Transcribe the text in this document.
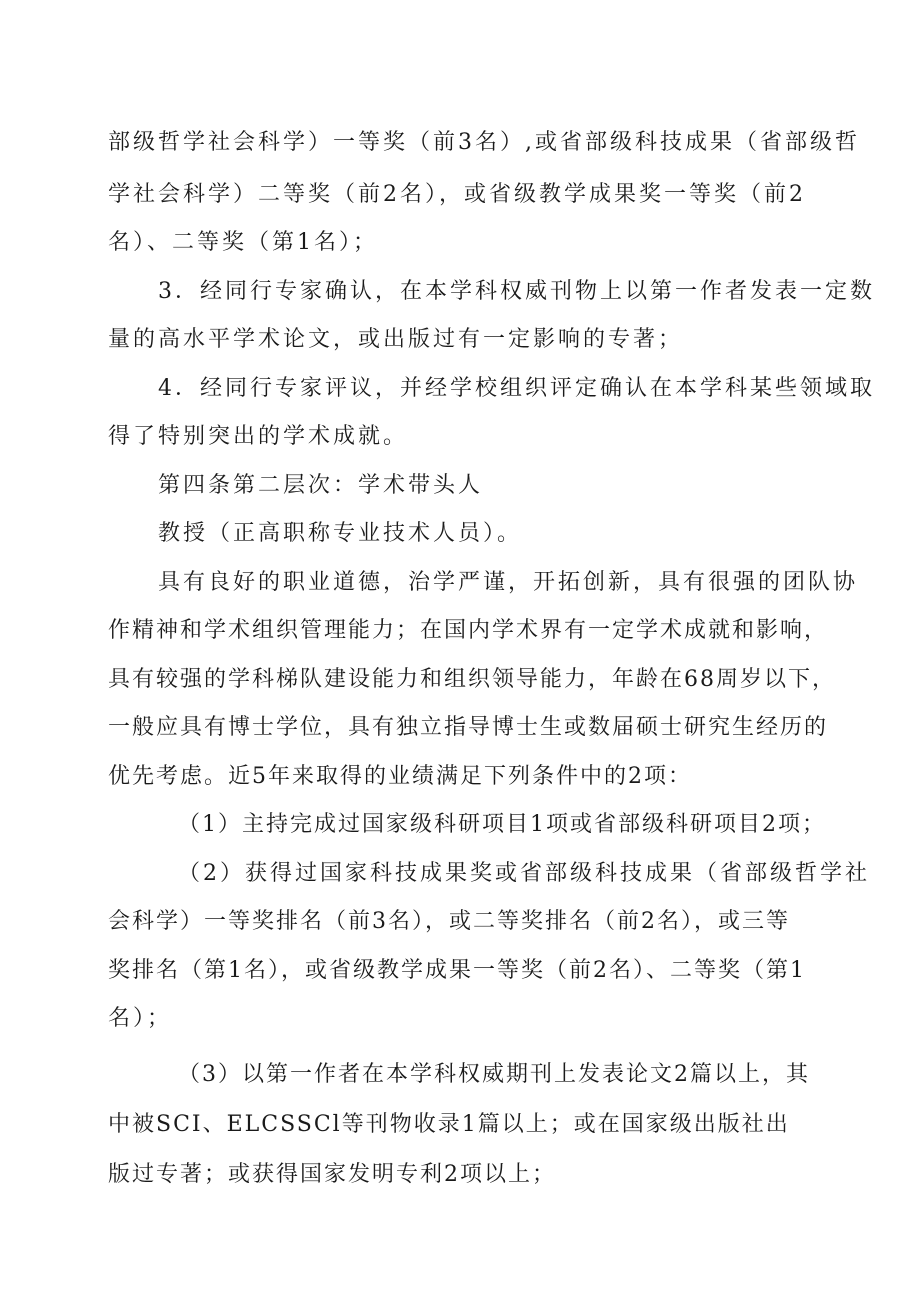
部级哲学社会科学）一等奖（前3名）,或省部级科技成果（省部级哲
学社会科学）二等奖（前2名），或省级教学成果奖一等奖（前2
名）、二等奖（第1名）；
3．经同行专家确认，在本学科权威刊物上以第一作者发表一定数
量的高水平学术论文，或出版过有一定影响的专著；
4．经同行专家评议，并经学校组织评定确认在本学科某些领域取
得了特别突出的学术成就。
第四条第二层次：学术带头人
教授（正高职称专业技术人员）。
具有良好的职业道德，治学严谨，开拓创新，具有很强的团队协
作精神和学术组织管理能力；在国内学术界有一定学术成就和影响，
具有较强的学科梯队建设能力和组织领导能力，年龄在68周岁以下，
一般应具有博士学位，具有独立指导博士生或数届硕士研究生经历的
优先考虑。近5年来取得的业绩满足下列条件中的2项：
（1）主持完成过国家级科研项目1项或省部级科研项目2项；
（2）获得过国家科技成果奖或省部级科技成果（省部级哲学社
会科学）一等奖排名（前3名），或二等奖排名（前2名），或三等
奖排名（第1名），或省级教学成果一等奖（前2名）、二等奖（第1
名）；
（3）以第一作者在本学科权威期刊上发表论文2篇以上，其
中被SCI、ELCSSCl等刊物收录1篇以上；或在国家级出版社出
版过专著；或获得国家发明专利2项以上；
